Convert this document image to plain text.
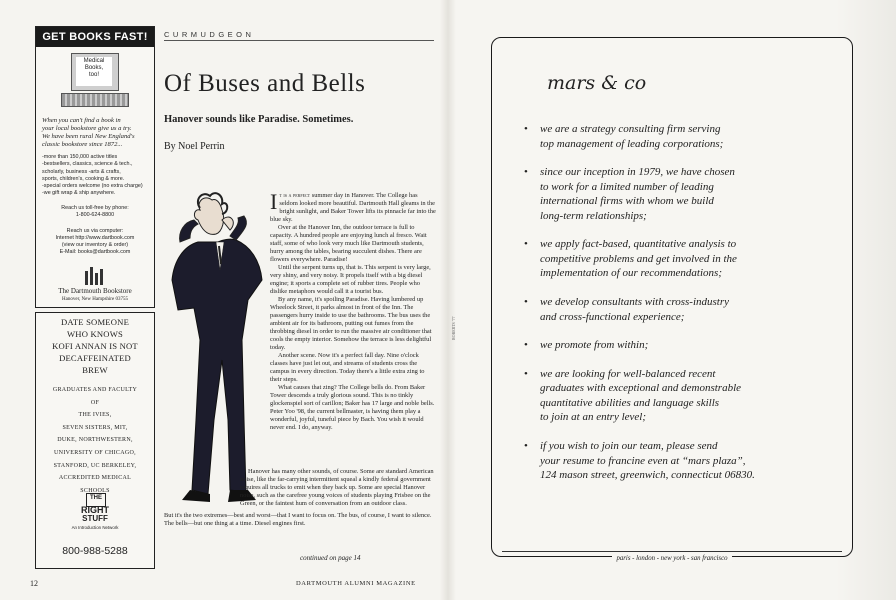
GET BOOKS FAST!
Medical
Books,
too!
When you can't find a book in
your local bookstore give us a try.
We have been rural New England's
classic bookstore since 1872...
-more than 150,000 active titles
-bestsellers, classics, science & tech.,
scholarly, business -arts & crafts,
sports, children's, cooking & more.
-special orders welcome (no extra charge)
-we gift wrap & ship anywhere.
Reach us toll-free by phone:
1-800-624-8800
Reach us via computer:
Internet http://www.dartbook.com
(view our inventory & order)
E-Mail: books@dartbook.com
The Dartmouth Bookstore
Hanover, New Hampshire 03755
DATE SOMEONE
WHO KNOWS
KOFI ANNAN IS NOT
DECAFFEINATED
BREW
GRADUATES AND FACULTY
OF
THE IVIES,
SEVEN SISTERS, MIT,
DUKE, NORTHWESTERN,
UNIVERSITY OF CHICAGO,
STANFORD, UC BERKELEY,
ACCREDITED MEDICAL
SCHOOLS
THE
RIGHT
STUFF
An Introduction Network
800-988-5288
CURMUDGEON
Of Buses and Bells
Hanover sounds like Paradise. Sometimes.
By Noel Perrin

It is a perfect summer day in Hanover. The College has seldom looked more beautiful. Dartmouth Hall gleams in the bright sunlight, and Baker Tower lifts its pinnacle far into the blue sky.

Over at the Hanover Inn, the outdoor terrace is full to capacity. A hundred people are enjoying lunch al fresco. Wait staff, some of who look very much like Dartmouth students, hurry among the tables, bearing succulent dishes. There are flowers everywhere. Paradise!

Until the serpent turns up, that is. This serpent is very large, very shiny, and very noisy. It propels itself with a big diesel engine; it sports a complete set of rubber tires. People who dislike metaphors would call it a tourist bus.

By any name, it's spoiling Paradise. Having lumbered up Wheelock Street, it parks almost in front of the Inn. The passengers hurry inside to use the bathrooms. The bus uses the ambient air for its bathroom, putting out fumes from the throbbing diesel in order to run the massive air conditioner that cools the empty interior. Somehow the terrace is less delightful today.

Another scene. Now it's a perfect fall day. Nine o'clock classes have just let out, and streams of students cross the campus in every direction. Today there's a little extra zing to their steps.

What causes that zing? The College bells do. From Baker Tower descends a truly glorious sound. This is no tinkly glockenspiel sort of carillon; Baker has 17 large and noble bells. Peter Yoo '98, the current bellmaster, is having them play a wonderful, joyful, tuneful piece by Bach. You wish it would never end. I do, anyway.

Hanover has many other sounds, of course. Some are standard American noise, like the far-carrying intermittent squeal a kindly federal government requires all trucks to emit when they back up. Some are special Hanover noise, such as the carefree young voices of students playing Frisbee on the Green, or the faintest hum of conversation from an outdoor class.

But it's the two extremes—best and worst—that I want to focus on. The bus, of course, I want to silence. The bells—but one thing at a time. Diesel engines first.

continued on page 14
12	DARTMOUTH ALUMNI MAGAZINE
ROBERTS '77
mars & co
• we are a strategy consulting firm serving
top management of leading corporations;
• since our inception in 1979, we have chosen
to work for a limited number of leading
international firms with whom we build
long-term relationships;
• we apply fact-based, quantitative analysis to
competitive problems and get involved in the
implementation of our recommendations;
• we develop consultants with cross-industry
and cross-functional experience;
• we promote from within;
• we are looking for well-balanced recent
graduates with exceptional and demonstrable
quantitative abilities and language skills
to join at an entry level;
• if you wish to join our team, please send
your resume to francine even at “mars plaza”,
124 mason street, greenwich, connecticut 06830.
paris - london - new york - san francisco
